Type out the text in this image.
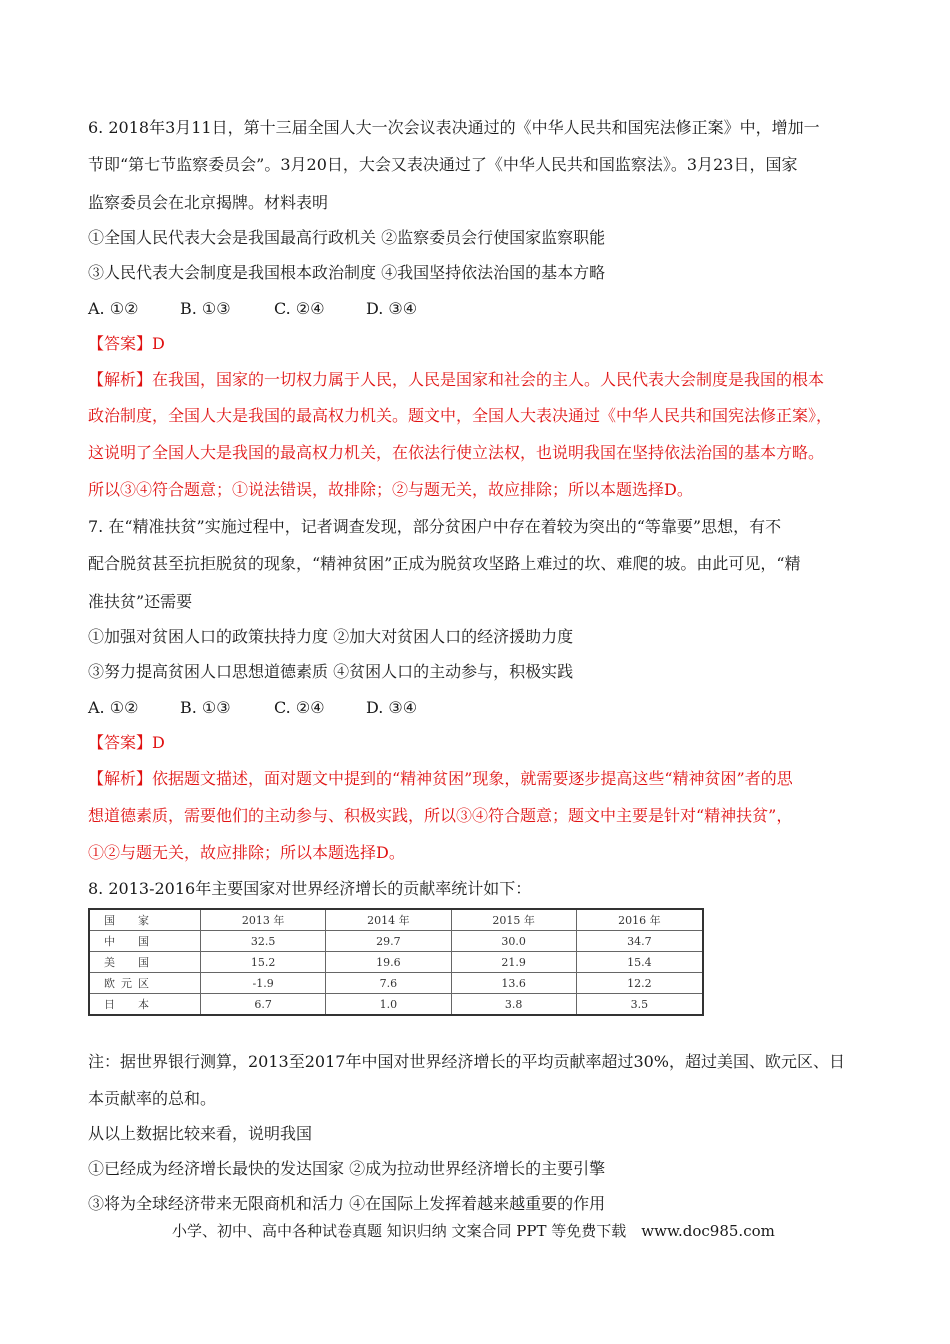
6. 2018年3月11日，第十三届全国人大一次会议表决通过的《中华人民共和国宪法修正案》中，增加一
节即“第七节监察委员会”。3月20日，大会又表决通过了《中华人民共和国监察法》。3月23日，国家
监察委员会在北京揭牌。材料表明
①全国人民代表大会是我国最高行政机关 ②监察委员会行使国家监察职能
③人民代表大会制度是我国根本政治制度 ④我国坚持依法治国的基本方略
A. ①②	B. ①③	C. ②④	D. ③④
【答案】D
【解析】在我国，国家的一切权力属于人民，人民是国家和社会的主人。人民代表大会制度是我国的根本
政治制度，全国人大是我国的最高权力机关。题文中，全国人大表决通过《中华人民共和国宪法修正案》，
这说明了全国人大是我国的最高权力机关，在依法行使立法权，也说明我国在坚持依法治国的基本方略。
所以③④符合题意；①说法错误，故排除；②与题无关，故应排除；所以本题选择D。
7. 在“精准扶贫”实施过程中，记者调查发现，部分贫困户中存在着较为突出的“等靠要”思想，有不
配合脱贫甚至抗拒脱贫的现象，“精神贫困”正成为脱贫攻坚路上难过的坎、难爬的坡。由此可见，“精
准扶贫”还需要
①加强对贫困人口的政策扶持力度 ②加大对贫困人口的经济援助力度
③努力提高贫困人口思想道德素质 ④贫困人口的主动参与，积极实践
A. ①②	B. ①③	C. ②④	D. ③④
【答案】D
【解析】依据题文描述，面对题文中提到的“精神贫困”现象，就需要逐步提高这些“精神贫困”者的思
想道德素质，需要他们的主动参与、积极实践，所以③④符合题意；题文中主要是针对“精神扶贫”，
①②与题无关，故应排除；所以本题选择D。
8. 2013-2016年主要国家对世界经济增长的贡献率统计如下：
国　家	2013 年	2014 年	2015 年	2016 年
中　国	32.5	29.7	30.0	34.7
美　国	15.2	19.6	21.9	15.4
欧元区	-1.9	7.6	13.6	12.2
日　本	6.7	1.0	3.8	3.5
注：据世界银行测算，2013至2017年中国对世界经济增长的平均贡献率超过30%，超过美国、欧元区、日
本贡献率的总和。
从以上数据比较来看，说明我国
①已经成为经济增长最快的发达国家 ②成为拉动世界经济增长的主要引擎
③将为全球经济带来无限商机和活力 ④在国际上发挥着越来越重要的作用
小学、初中、高中各种试卷真题 知识归纳 文案合同 PPT 等免费下载　www.doc985.com
